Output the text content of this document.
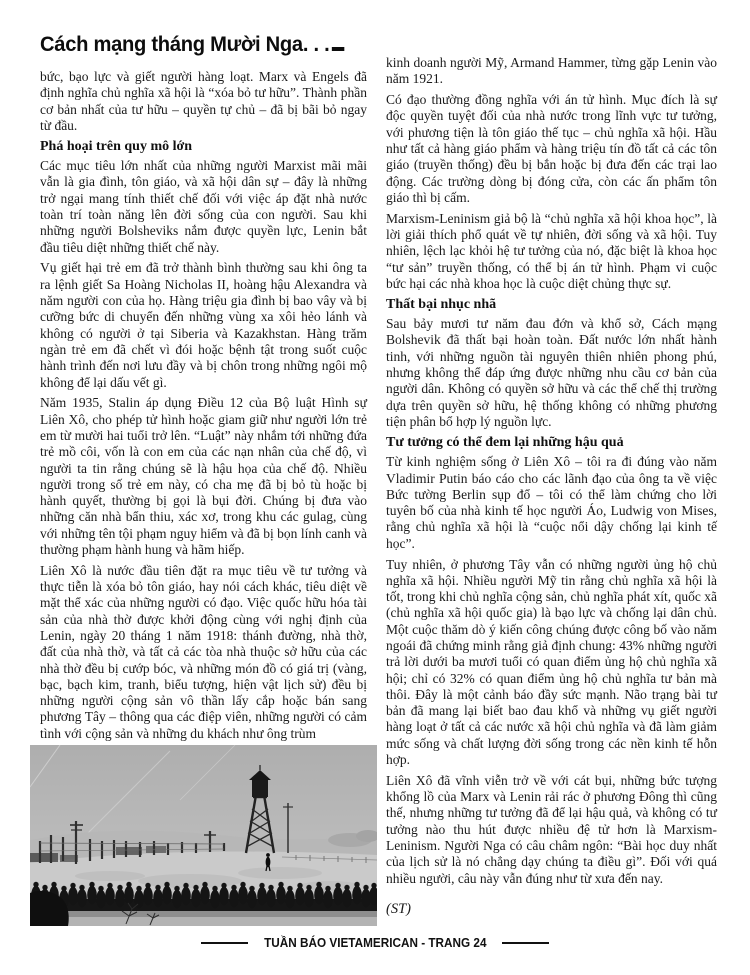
Cách mạng tháng Mười Nga. . .

bức, bạo lực và giết người hàng loạt. Marx và Engels đã định nghĩa chủ nghĩa xã hội là “xóa bỏ tư hữu”. Thành phần cơ bản nhất của tư hữu – quyền tự chủ – đã bị bãi bỏ ngay từ đầu.

Phá hoại trên quy mô lớn

Các mục tiêu lớn nhất của những người Marxist mãi mãi vẫn là gia đình, tôn giáo, và xã hội dân sự – đây là những trở ngại mang tính thiết chế đối với việc áp đặt nhà nước toàn trí toàn năng lên đời sống của con người. Sau khi những người Bolsheviks nắm được quyền lực, Lenin bắt đầu tiêu diệt những thiết chế này.

Vụ giết hại trẻ em đã trở thành bình thường sau khi ông ta ra lệnh giết Sa Hoàng Nicholas II, hoàng hậu Alexandra và năm người con của họ. Hàng triệu gia đình bị bao vây và bị cưỡng bức di chuyển đến những vùng xa xôi hẻo lánh và không có người ở tại Siberia và Kazakhstan. Hàng trăm ngàn trẻ em đã chết vì đói hoặc bệnh tật trong suốt cuộc hành trình đến nơi lưu đầy và bị chôn trong những ngôi mộ không để lại dấu vết gì.

Năm 1935, Stalin áp dụng Điều 12 của Bộ luật Hình sự Liên Xô, cho phép tử hình hoặc giam giữ như người lớn trẻ em từ mười hai tuổi trở lên. “Luật” này nhắm tới những đứa trẻ mồ côi, vốn là con em của các nạn nhân của chế độ, vì người ta tin rằng chúng sẽ là hậu họa của chế độ. Nhiều người trong số trẻ em này, có cha mẹ đã bị bỏ tù hoặc bị hành quyết, thường bị gọi là bụi đời. Chúng bị đưa vào những căn nhà bẩn thiu, xác xơ, trong khu các gulag, cùng với những tên tội phạm nguy hiểm và đã bị bọn lính canh và thường phạm hành hung và hãm hiếp.

Liên Xô là nước đầu tiên đặt ra mục tiêu về tư tưởng và thực tiễn là xóa bỏ tôn giáo, hay nói cách khác, tiêu diệt về mặt thể xác của những người có đạo. Việc quốc hữu hóa tài sản của nhà thờ được khởi động cùng với nghị định của Lenin, ngày 20 tháng 1 năm 1918: thánh đường, nhà thờ, đất của nhà thờ, và tất cả các tòa nhà thuộc sở hữu của các nhà thờ đều bị cướp bóc, và những món đồ có giá trị (vàng, bạc, bạch kim, tranh, biểu tượng, hiện vật lịch sử) đều bị những người cộng sản vô thần lấy cắp hoặc bán sang phương Tây – thông qua các điệp viên, những người có cảm tình với cộng sản và những du khách như ông trùm

kinh doanh người Mỹ, Armand Hammer, từng gặp Lenin vào năm 1921.

Có đạo thường đồng nghĩa với án tử hình. Mục đích là sự độc quyền tuyệt đối của nhà nước trong lĩnh vực tư tưởng, với phương tiện là tôn giáo thế tục – chủ nghĩa xã hội. Hầu như tất cả hàng giáo phẩm và hàng triệu tín đồ tất cả các tôn giáo (truyền thống) đều bị bắn hoặc bị đưa đến các trại lao động. Các trường dòng bị đóng cửa, còn các ấn phẩm tôn giáo thì bị cấm.

Marxism-Leninism giả bộ là “chủ nghĩa xã hội khoa học”, là lời giải thích phổ quát về tự nhiên, đời sống và xã hội. Tuy nhiên, lệch lạc khỏi hệ tư tưởng của nó, đặc biệt là khoa học “tư sản” truyền thống, có thể bị án tử hình. Phạm vi cuộc bức hại các nhà khoa học là cuộc diệt chủng thực sự.

Thất bại nhục nhã

Sau bảy mươi tư năm đau đớn và khổ sở, Cách mạng Bolshevik đã thất bại hoàn toàn. Đất nước lớn nhất hành tinh, với những nguồn tài nguyên thiên nhiên phong phú, nhưng không thể đáp ứng được những nhu cầu cơ bản của người dân. Không có quyền sở hữu và các thể chế thị trường dựa trên quyền sở hữu, hệ thống không có những phương tiện phân bổ hợp lý nguồn lực.

Tư tưởng có thể đem lại những hậu quả

Từ kinh nghiệm sống ở Liên Xô – tôi ra đi đúng vào năm Vladimir Putin báo cáo cho các lãnh đạo của ông ta về việc Bức tường Berlin sụp đổ – tôi có thể làm chứng cho lời tuyên bố của nhà kinh tế học người Áo, Ludwig von Mises, rằng chủ nghĩa xã hội là “cuộc nổi dậy chống lại kinh tế học”.

Tuy nhiên, ở phương Tây vẫn có những người ủng hộ chủ nghĩa xã hội. Nhiều người Mỹ tin rằng chủ nghĩa xã hội là tốt, trong khi chủ nghĩa cộng sản, chủ nghĩa phát xít, quốc xã (chủ nghĩa xã hội quốc gia) là bạo lực và chống lại dân chủ. Một cuộc thăm dò ý kiến công chúng được công bố vào năm ngoái đã chứng minh rằng giả định chung: 43% những người trả lời dưới ba mươi tuổi có quan điểm ủng hộ chủ nghĩa xã hội; chỉ có 32% có quan điểm ủng hộ chủ nghĩa tư bản mà thôi. Đây là một cảnh báo đầy sức mạnh. Não trạng bài tư bản đã mang lại biết bao đau khổ và những vụ giết người hàng loạt ở tất cả các nước xã hội chủ nghĩa và đã làm giảm mức sống và chất lượng đời sống trong các nền kinh tế hỗn hợp.

Liên Xô đã vĩnh viễn trở về với cát bụi, những bức tượng khổng lồ của Marx và Lenin rải rác ở phương Đông thì cũng thế, nhưng những tư tưởng đã để lại hậu quả, và không có tư tưởng nào thu hút được nhiều đệ tử hơn là Marxism-Leninism. Người Nga có câu châm ngôn: “Bài học duy nhất của lịch sử là nó chẳng dạy chúng ta điều gì”. Đối với quá nhiều người, câu này vẫn đúng như từ xưa đến nay.

(ST)

TUẦN BÁO VIETAMERICAN - TRANG 24
